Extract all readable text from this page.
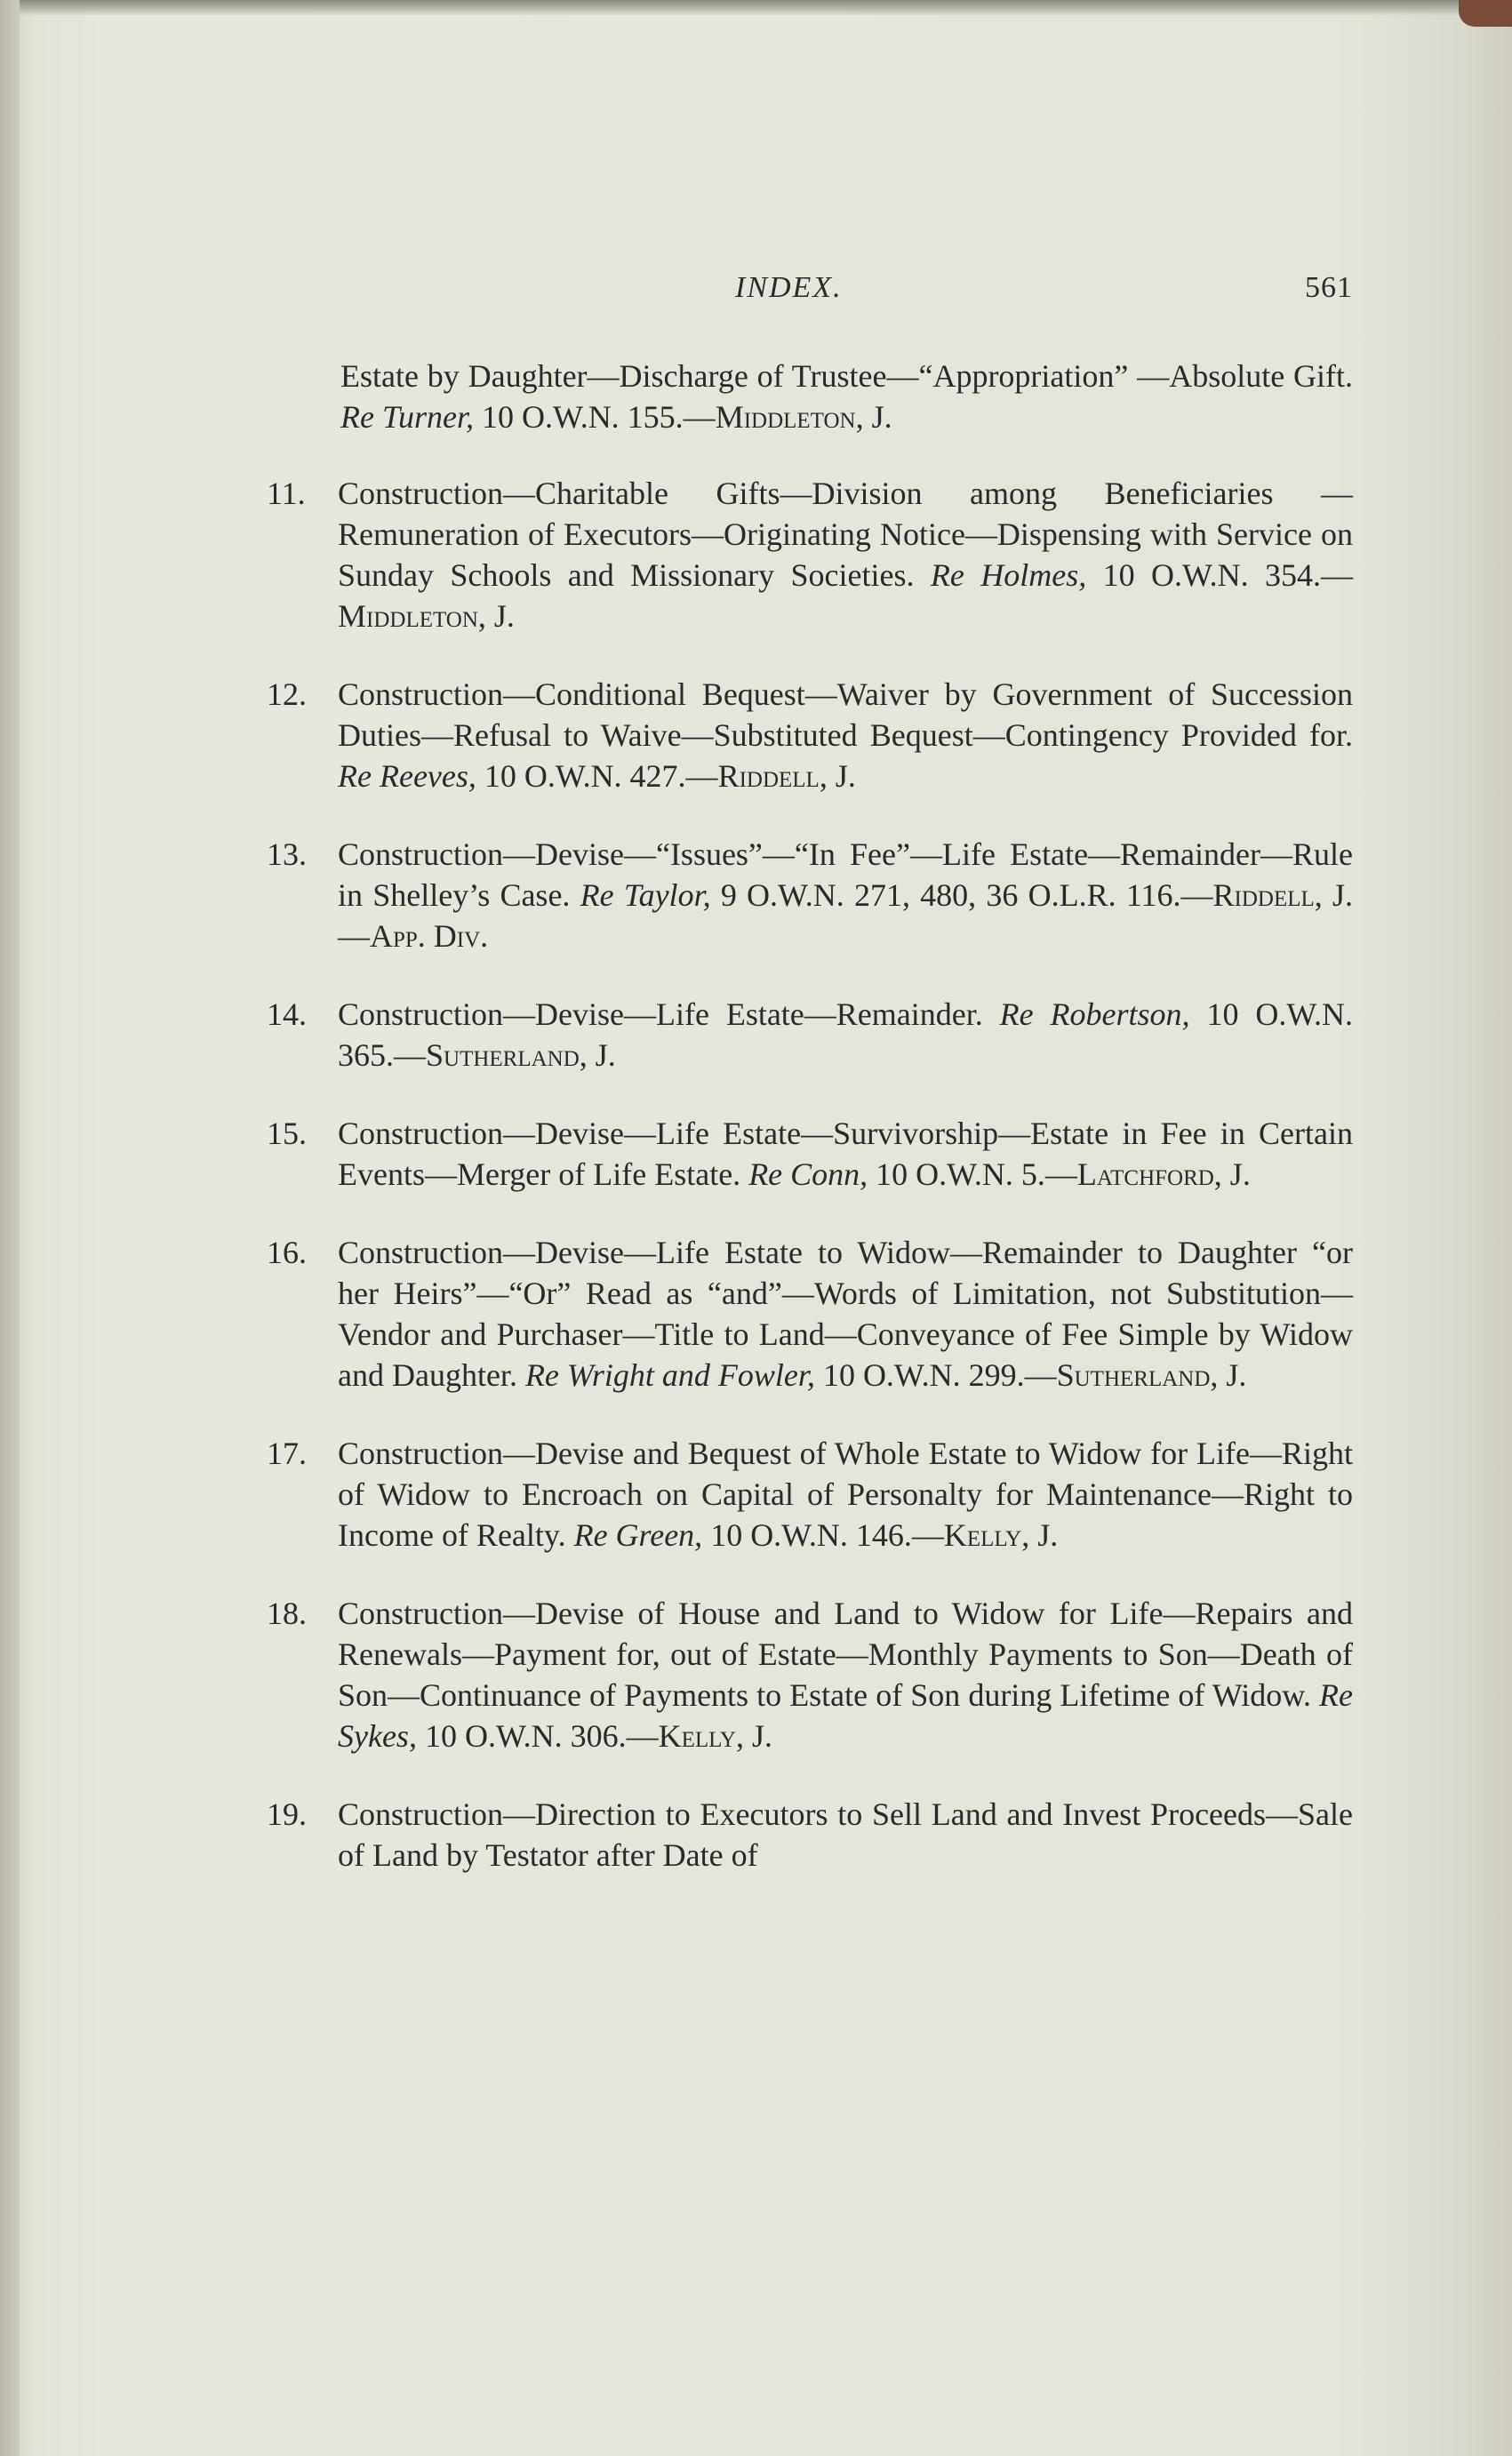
INDEX.	561

Estate by Daughter—Discharge of Trustee—“Appropriation” —Absolute Gift. Re Turner, 10 O.W.N. 155.—Middleton, J.

11.	Construction—Charitable Gifts—Division among Beneficiaries —Remuneration of Executors—Originating Notice—Dispensing with Service on Sunday Schools and Missionary Societies. Re Holmes, 10 O.W.N. 354.—Middleton, J.

12. Construction—Conditional Bequest—Waiver by Government of Succession Duties—Refusal to Waive—Substituted Bequest—Contingency Provided for. Re Reeves, 10 O.W.N. 427.—Riddell, J.

13. Construction—Devise—“Issues”—“In Fee”—Life Estate—Remainder—Rule in Shelley’s Case. Re Taylor, 9 O.W.N. 271, 480, 36 O.L.R. 116.—Riddell, J.—App. Div.

14. Construction—Devise—Life Estate—Remainder. Re Robertson, 10 O.W.N. 365.—Sutherland, J.

15. Construction—Devise—Life Estate—Survivorship—Estate in Fee in Certain Events—Merger of Life Estate. Re Conn, 10 O.W.N. 5.—Latchford, J.

16. Construction—Devise—Life Estate to Widow—Remainder to Daughter “or her Heirs”—“Or” Read as “and”—Words of Limitation, not Substitution—Vendor and Purchaser—Title to Land—Conveyance of Fee Simple by Widow and Daughter. Re Wright and Fowler, 10 O.W.N. 299.—Sutherland, J.

17. Construction—Devise and Bequest of Whole Estate to Widow for Life—Right of Widow to Encroach on Capital of Personalty for Maintenance—Right to Income of Realty. Re Green, 10 O.W.N. 146.—Kelly, J.

18. Construction—Devise of House and Land to Widow for Life—Repairs and Renewals—Payment for, out of Estate—Monthly Payments to Son—Death of Son—Continuance of Payments to Estate of Son during Lifetime of Widow. Re Sykes, 10 O.W.N. 306.—Kelly, J.

19. Construction—Direction to Executors to Sell Land and Invest Proceeds—Sale of Land by Testator after Date of
